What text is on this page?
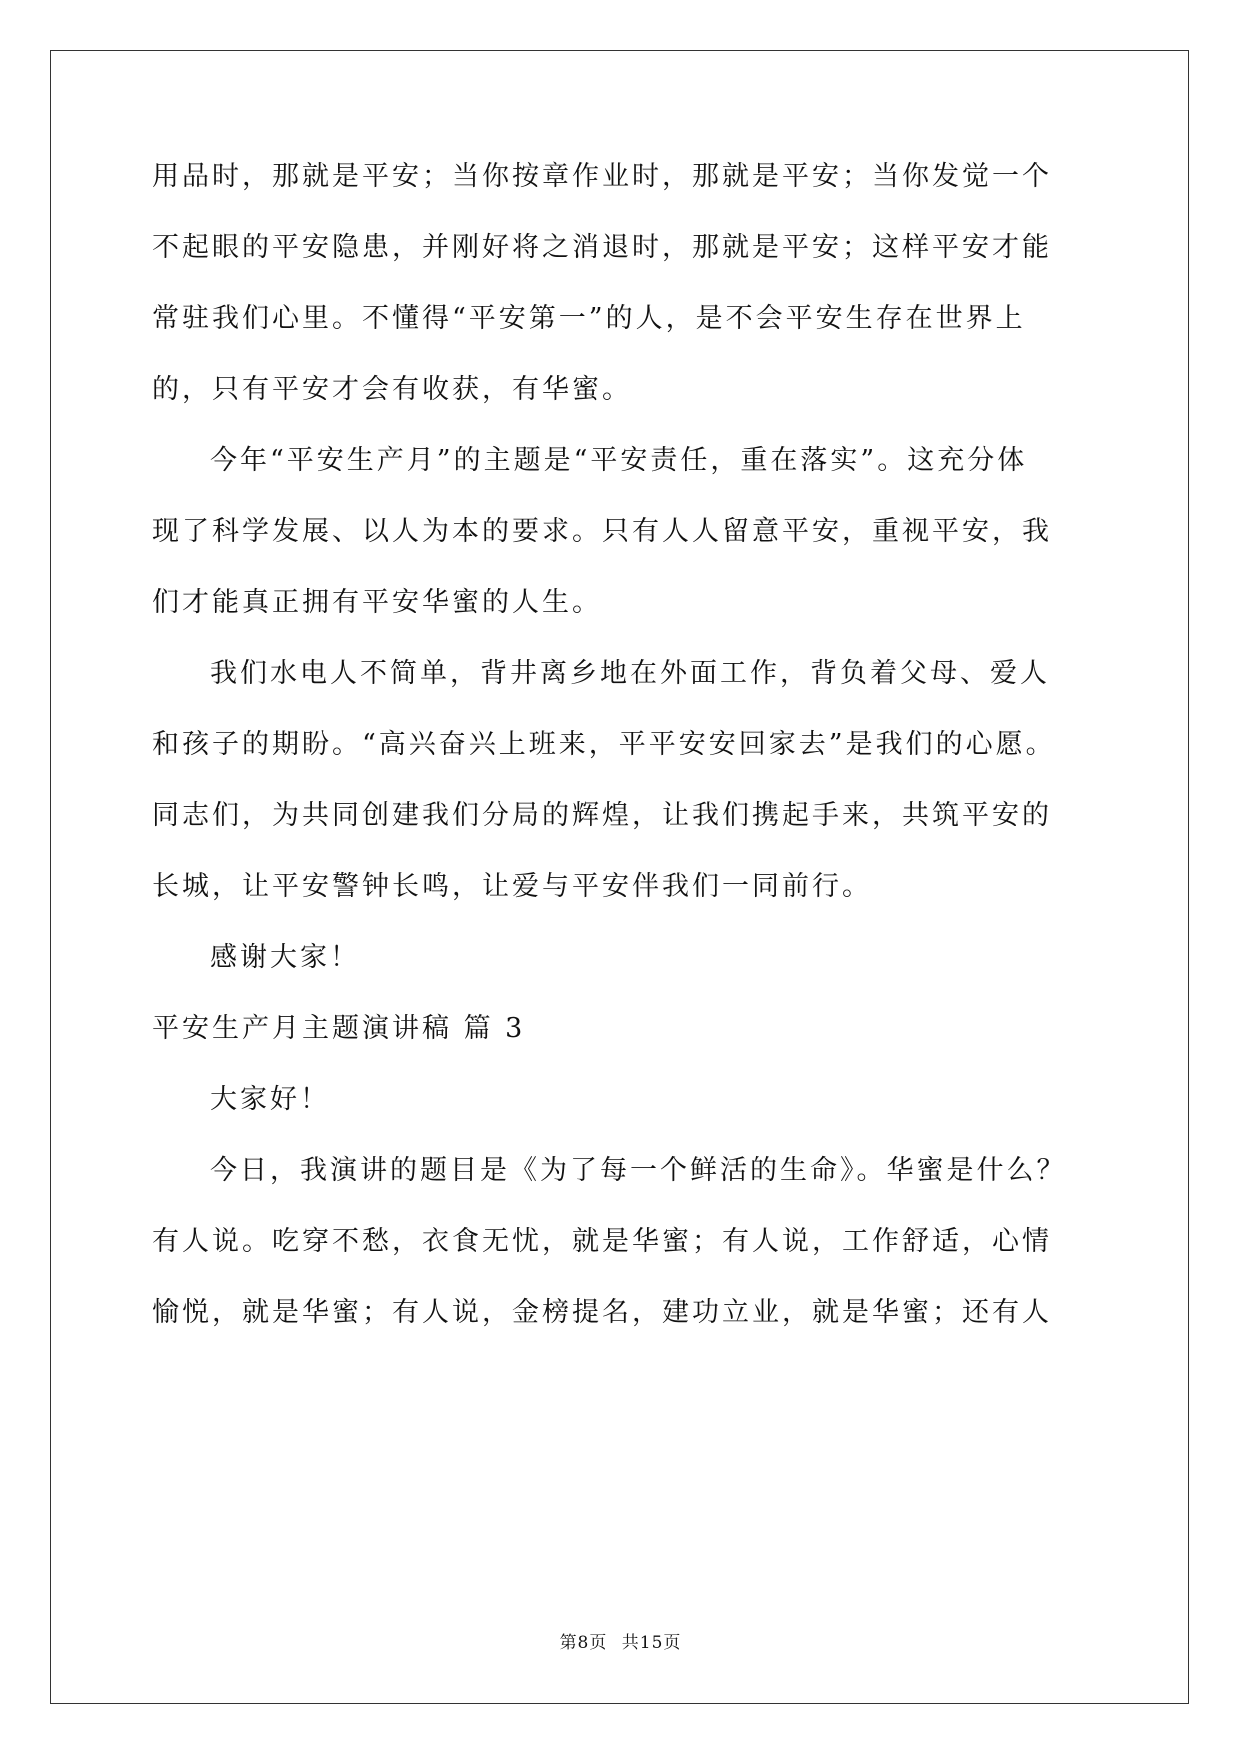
用品时，那就是平安；当你按章作业时，那就是平安；当你发觉一个
不起眼的平安隐患，并刚好将之消退时，那就是平安；这样平安才能
常驻我们心里。不懂得“平安第一”的人，是不会平安生存在世界上
的，只有平安才会有收获，有华蜜。
今年“平安生产月”的主题是“平安责任，重在落实”。这充分体
现了科学发展、以人为本的要求。只有人人留意平安，重视平安，我
们才能真正拥有平安华蜜的人生。
我们水电人不简单，背井离乡地在外面工作，背负着父母、爱人
和孩子的期盼。“高兴奋兴上班来，平平安安回家去”是我们的心愿。
同志们，为共同创建我们分局的辉煌，让我们携起手来，共筑平安的
长城，让平安警钟长鸣，让爱与平安伴我们一同前行。
感谢大家！
平安生产月主题演讲稿 篇 3
大家好！
今日，我演讲的题目是《为了每一个鲜活的生命》。华蜜是什么？
有人说。吃穿不愁，衣食无忧，就是华蜜；有人说，工作舒适，心情
愉悦，就是华蜜；有人说，金榜提名，建功立业，就是华蜜；还有人
第8页 共15页
